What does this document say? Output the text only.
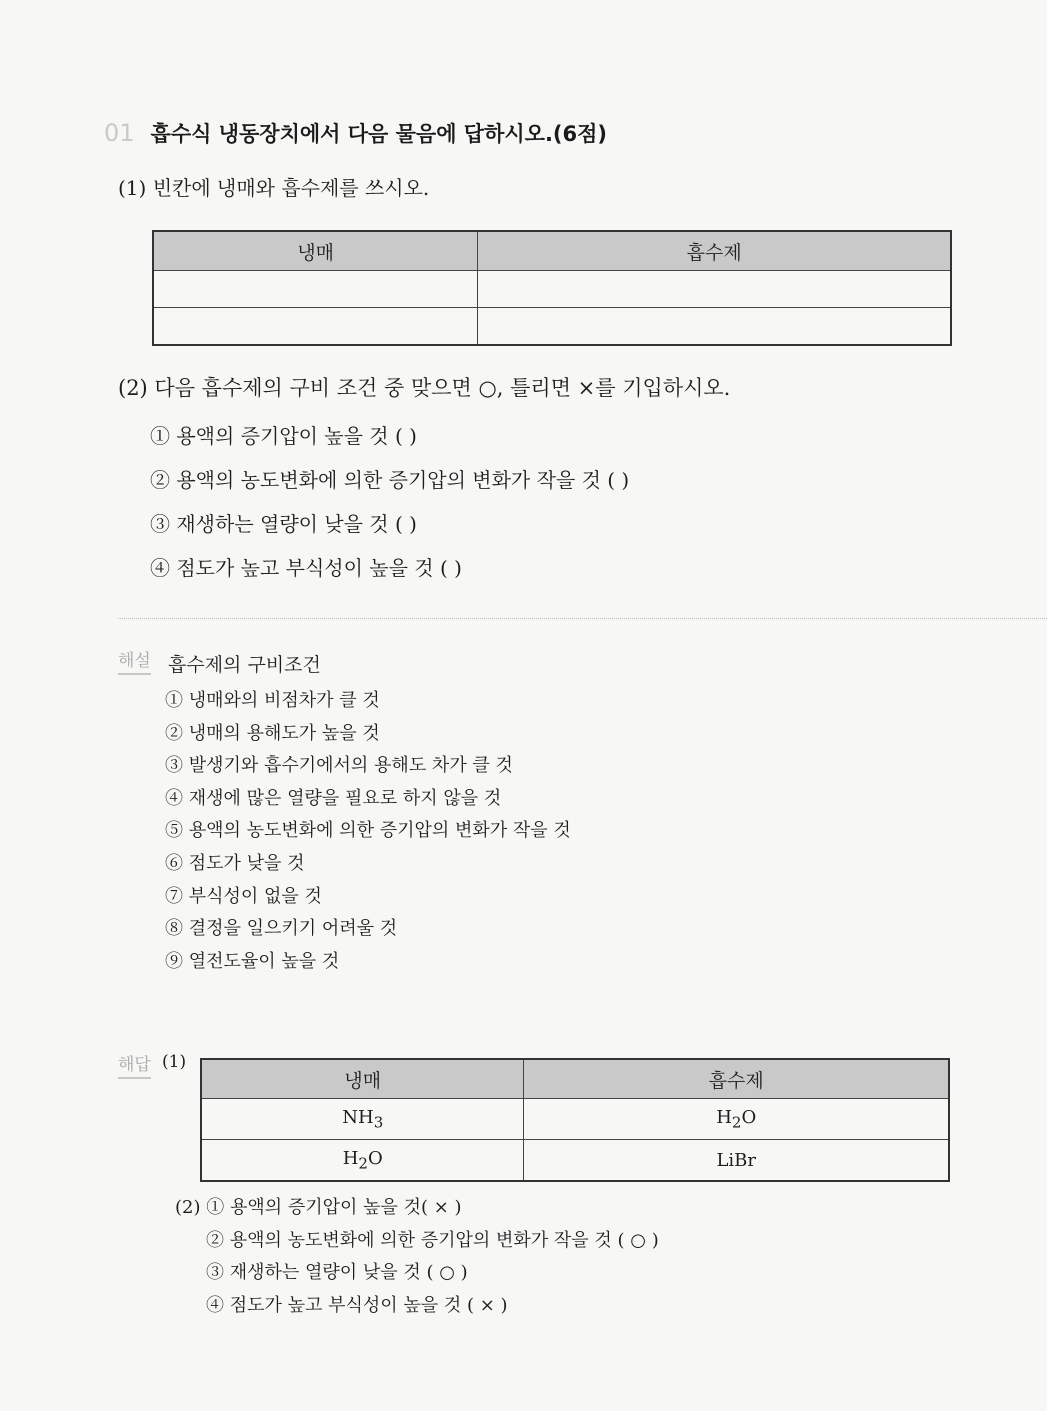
01 흡수식 냉동장치에서 다음 물음에 답하시오.(6점)
(1) 빈칸에 냉매와 흡수제를 쓰시오.
냉매	흡수제

(2) 다음 흡수제의 구비 조건 중 맞으면 ○, 틀리면 ×를 기입하시오.
① 용액의 증기압이 높을 것 ( )
② 용액의 농도변화에 의한 증기압의 변화가 작을 것 ( )
③ 재생하는 열량이 낮을 것 ( )
④ 점도가 높고 부식성이 높을 것 ( )
해설 흡수제의 구비조건
① 냉매와의 비점차가 클 것
② 냉매의 용해도가 높을 것
③ 발생기와 흡수기에서의 용해도 차가 클 것
④ 재생에 많은 열량을 필요로 하지 않을 것
⑤ 용액의 농도변화에 의한 증기압의 변화가 작을 것
⑥ 점도가 낮을 것
⑦ 부식성이 없을 것
⑧ 결정을 일으키기 어려울 것
⑨ 열전도율이 높을 것
해답 (1)
냉매	흡수제
$NH_3$	$H_2O$
$H_2O$	LiBr
(2) ① 용액의 증기압이 높을 것( × )
② 용액의 농도변화에 의한 증기압의 변화가 작을 것 ( ○ )
③ 재생하는 열량이 낮을 것 ( ○ )
④ 점도가 높고 부식성이 높을 것 ( × )
